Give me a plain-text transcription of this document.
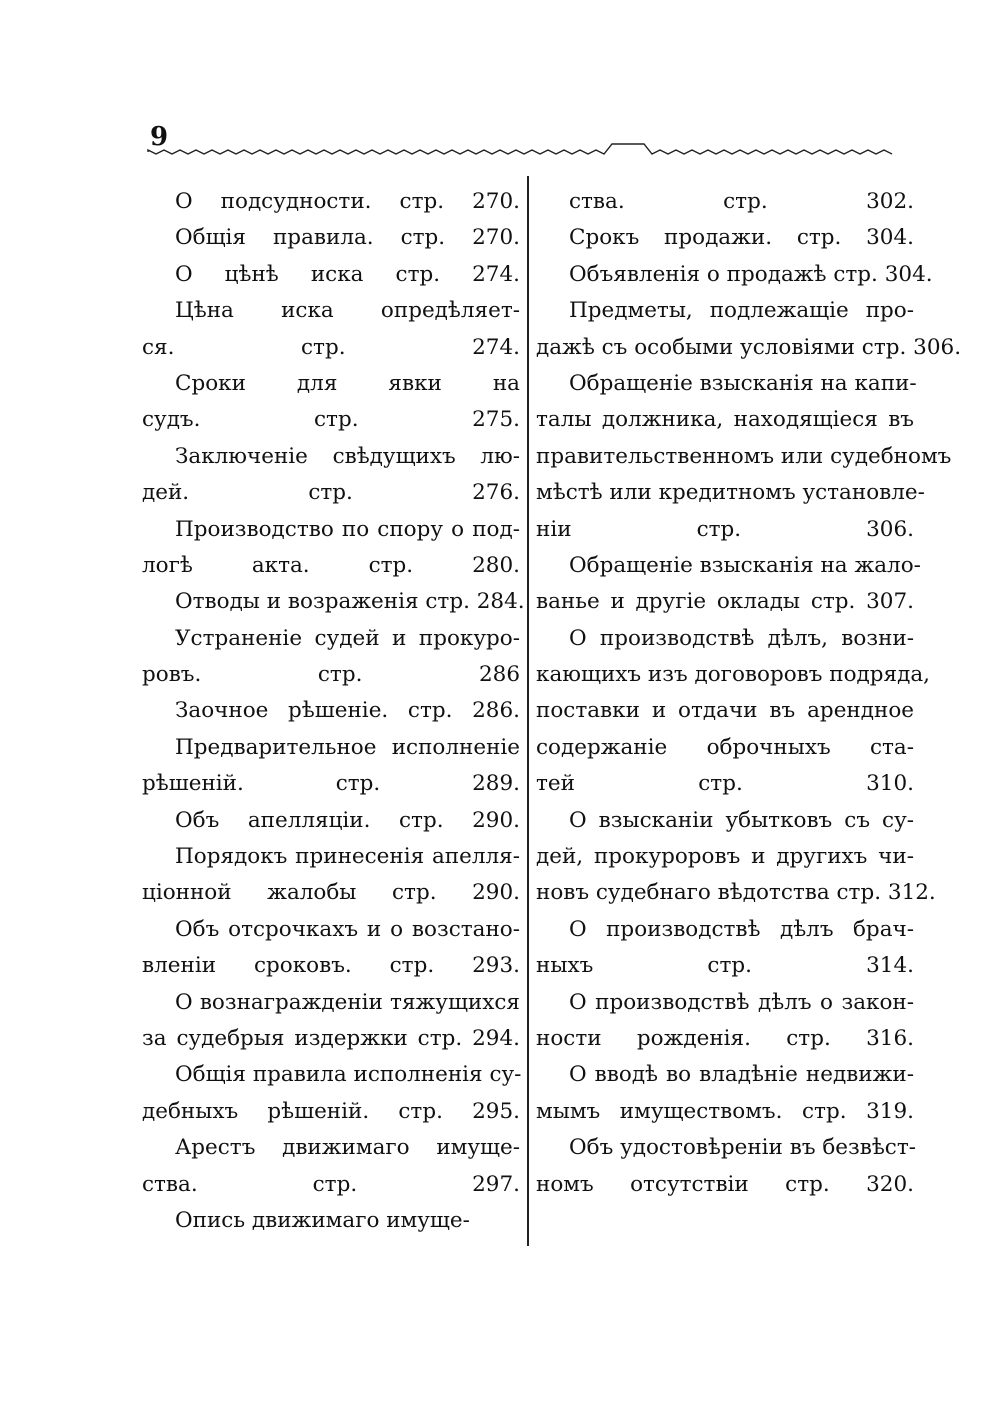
9
О подсудности. стр. 270.
Общія правила. стр. 270.
О цѣнѣ иска стр. 274.
Цѣна иска опредѣляет-
ся. стр. 274.
Сроки для явки на
судъ. стр. 275.
Заключеніе свѣдущихъ лю-
дей. стр. 276.
Производство по спору о под-
логѣ акта. стр. 280.
Отводы и возраженія стр. 284.
Устраненіе судей и прокуро-
ровъ. стр. 286
Заочное рѣшеніе. стр. 286.
Предварительное исполненіе
рѣшеній. стр. 289.
Объ апелляціи. стр. 290.
Порядокъ принесенія апелля-
ціонной жалобы стр. 290.
Объ отсрочкахъ и о возстано-
вленіи сроковъ. стр. 293.
О вознагражденіи тяжущихся
за судебрыя издержки стр. 294.
Общія правила исполненія су-
дебныхъ рѣшеній. стр. 295.
Арестъ движимаго имуще-
ства. стр. 297.
Опись движимаго имуще-
ства. стр. 302.
Срокъ продажи. стр. 304.
Объявленія о продажѣ стр. 304.
Предметы, подлежащіе про-
дажѣ съ особыми условіями стр. 306.
Обращеніе взысканія на капи-
талы должника, находящіеся въ
правительственномъ или судебномъ
мѣстѣ или кредитномъ установле-
ніи стр. 306.
Обращеніе взысканія на жало-
ванье и другіе оклады стр. 307.
О производствѣ дѣлъ, возни-
кающихъ изъ договоровъ подряда,
поставки и отдачи въ арендное
содержаніе оброчныхъ ста-
тей стр. 310.
О взысканіи убытковъ съ су-
дей, прокуроровъ и другихъ чи-
новъ судебнаго вѣдотства стр. 312.
О производствѣ дѣлъ брач-
ныхъ стр. 314.
О производствѣ дѣлъ о закон-
ности рожденія. стр. 316.
О вводѣ во владѣніе недвижи-
мымъ имуществомъ. стр. 319.
Объ удостовѣреніи въ безвѣст-
номъ отсутствіи стр. 320.
